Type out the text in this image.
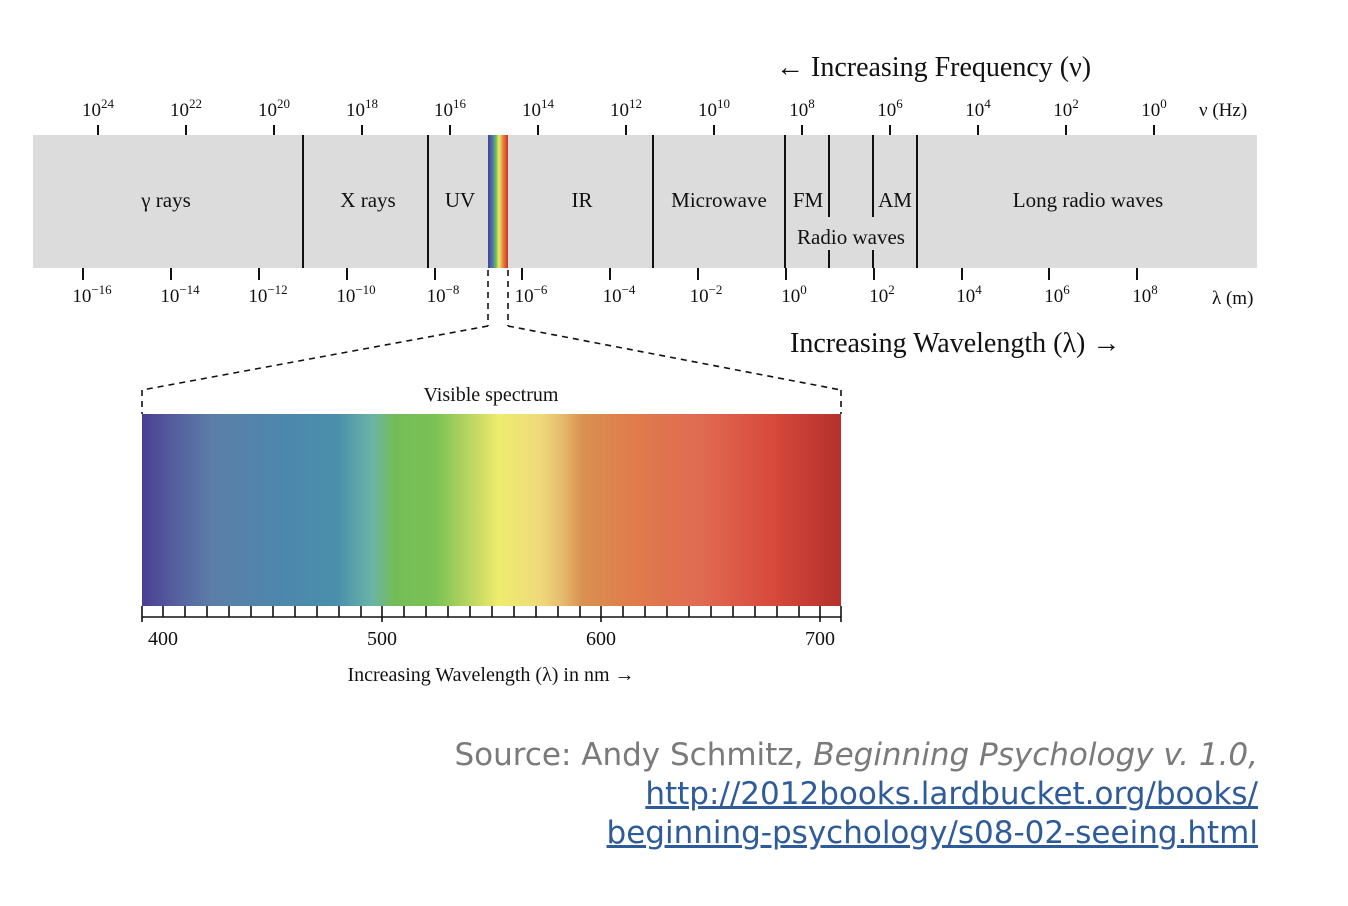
← Increasing Frequency (ν)
$10^{24}$	$10^{22}$	$10^{20}$	$10^{18}$	$10^{16}$	$10^{14}$	$10^{12}$	$10^{10}$	$10^8$	$10^6$	$10^4$	$10^2$	$10^0$ ν (Hz)
γ rays	X rays UV	IR	Microwave FM	AM
Radio waves
Long radio waves
$10^{-16}$	$10^{-14}$	$10^{-12}$	$10^{-10}$	$10^{-8}$	$10^{-6}$	$10^{-4}$	$10^{-2}$	$10^0$	$10^2$	$10^4$	$10^6$	$10^8$	λ (m)
Increasing Wavelength (λ) →
Visible spectrum
400	500	600	700
Increasing Wavelength (λ) in nm →
Source: Andy Schmitz, Beginning Psychology v. 1.0,
http://2012books.lardbucket.org/books/
beginning-psychology/s08-02-seeing.html
